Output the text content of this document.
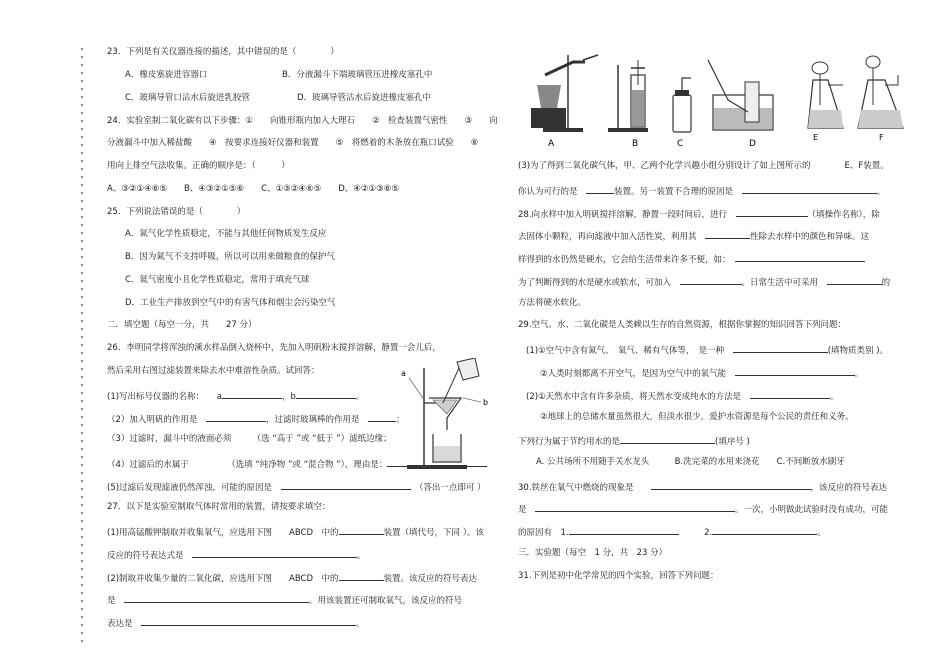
23．下列是有关仪器连接的描述，其中错误的是（　　　　）
A．橡皮塞旋进容器口	B．分液漏斗下端玻璃管压进橡皮塞孔中
C．玻璃导管口沾水后旋进乳胶管	D．玻璃导管沾水后旋进橡皮塞孔中
24．实验室制二氧化碳有以下步骤：①　　向锥形瓶内加入大理石　　②　检查装置气密性　　③　　向
分液漏斗中加入稀盐酸　　④　按要求连接好仪器和装置　　⑤　将燃着的木条放在瓶口试验　　⑥
用向上排空气法收集。正确的顺序是：（　　　）
A、③②①④⑥⑤　　B、④③②①⑤⑥　　C、①③②④⑥⑤　　D、④②①③⑥⑤
25．下列说法错误的是（　　　　）
A．氮气化学性质稳定，不能与其他任何物质发生反应
B．因为氮气不支持呼吸，所以可以用来做粮食的保护气
C．氦气密度小且化学性质稳定，常用于填充气球
D．工业生产排放到空气中的有害气体和烟尘会污染空气
二．填空题（每空一分，共　　27 分）
26．李明同学将浑浊的溪水样品倒入烧杯中，先加入明矾粉末搅拌溶解，静置一会儿后，
然后采用右图过滤装置来除去水中难溶性杂质。试回答：
(1)写出标号仪器的名称：　　a	，b	。
（2）加入明矾的作用是　	，过滤时玻璃棒的作用是　	；
（3）过滤时，漏斗中的液面必须　　　（选 “高于 ”或 “低于 ”）滤纸边缘；
（4）过滤后的水属于　　　　　（选填 “纯净物 ”或 “混合物 ”），理由是：
(5)过滤后发现滤液仍然浑浊，可能的原因是　　	（答出一点即可 ）
27．以下是实验室制取气体时常用的装置，请按要求填空：
(1)用高锰酸钾制取并收集氧气，应选用下图　　ABCD　中的	装置（填代号，下同 ）。该
反应的符号表达式是　	。
(2)制取并收集少量的二氧化碳，应选用下图　　ABCD　中的	装置。该反应的符号表达
是　	。用该装置还可制取氧气，该反应的符号
表达是　	。
a
b
A	B	C	D
E	F
(3)为了得到二氧化碳气体，甲、乙两个化学兴趣小组分别设计了如上图所示的　　　　E、F装置。
你认为可行的是　	装置。另一装置不合理的原因是　	。
28.向水样中加入明矾搅拌溶解，静置一段时间后，进行　	（填操作名称），除
去固体小颗粒，再向滤液中加入活性炭，利用其　	性除去水样中的颜色和异味。这
样得到的水仍然是硬水，它会给生活带来许多不便，如：　
为了判断得到的水是硬水或软水，可加入　	。日常生活中可采用　	的
方法将硬水软化。
29.空气、水、二氧化碳是人类赖以生存的自然资源，根据你掌握的知识回答下列问题：
(1)①空气中含有氮气、　氧气、稀有气体等，　是一种　	(填物质类别 )。
②人类时刻都离不开空气，是因为空气中的氧气能　	。
(2)①天然水中含有许多杂质，将天然水变成纯水的方法是　	。
②地球上的总储水量虽然很大，但淡水很少，爱护水资源是每个公民的责任和义务。
下列行为属于节约用水的是	(填序号 )
A. 公共场所不用随手关水龙头　　　B.洗完菜的水用来浇花　　C.不间断放水刷牙
30.铁丝在氧气中燃烧的现象是　　	，该反应的符号表达
是　	。一次，小明做此试验时没有成功，可能
的原因有　1.　　　	2.	。
三．实验题（每空　1 分，共　23 分）
31.下列是初中化学常见的四个实验，回答下列问题：
